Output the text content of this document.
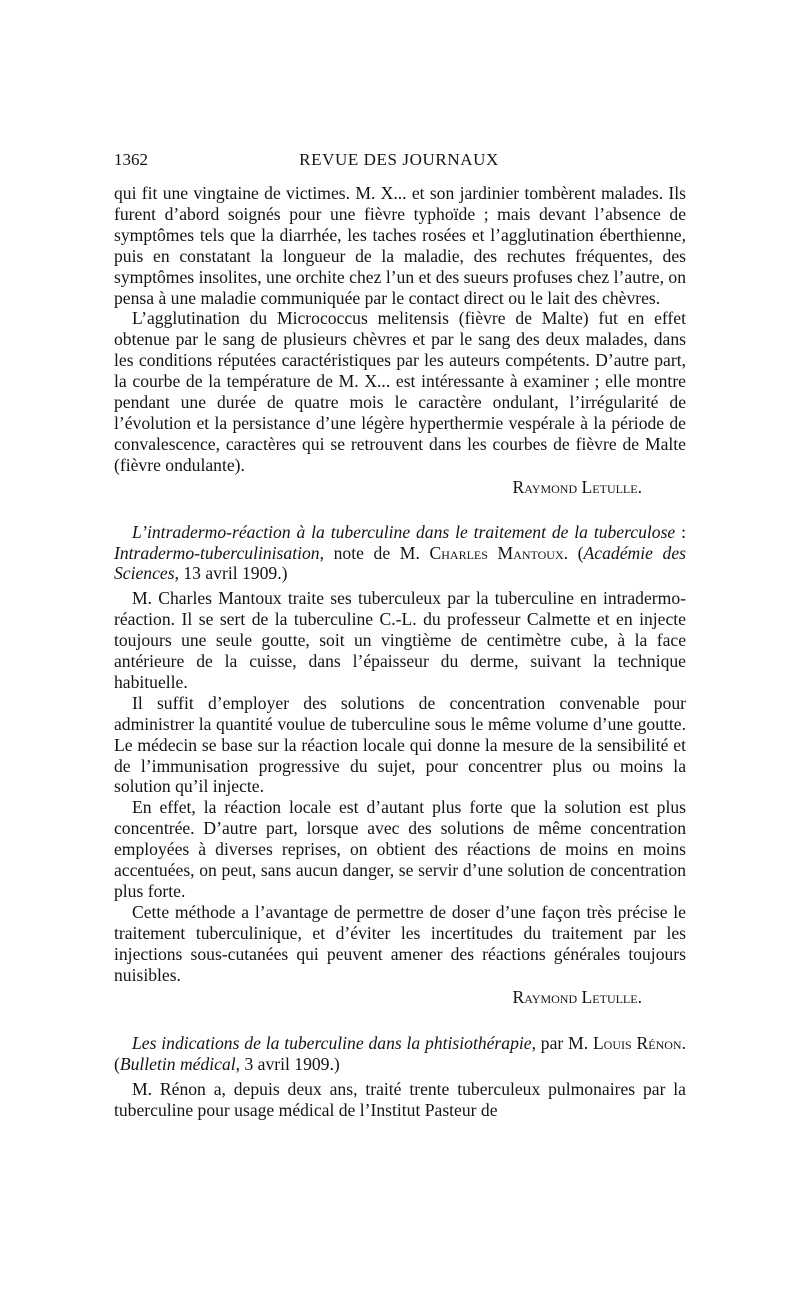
1362	REVUE DES JOURNAUX

qui fit une vingtaine de victimes. M. X... et son jardinier tombèrent malades. Ils furent d’abord soignés pour une fièvre typhoïde ; mais devant l’absence de symptômes tels que la diarrhée, les taches rosées et l’agglutination éberthienne, puis en constatant la longueur de la maladie, des rechutes fréquentes, des symptômes insolites, une orchite chez l’un et des sueurs profuses chez l’autre, on pensa à une maladie communiquée par le contact direct ou le lait des chèvres.

L’agglutination du Micrococcus melitensis (fièvre de Malte) fut en effet obtenue par le sang de plusieurs chèvres et par le sang des deux malades, dans les conditions réputées caractéristiques par les auteurs compétents. D’autre part, la courbe de la température de M. X... est intéressante à examiner ; elle montre pendant une durée de quatre mois le caractère ondulant, l’irrégularité de l’évolution et la persistance d’une légère hyperthermie vespérale à la période de convalescence, caractères qui se retrouvent dans les courbes de fièvre de Malte (fièvre ondulante).

Raymond Letulle.

L’intradermo-réaction à la tuberculine dans le traitement de la tuberculose : Intradermo-tuberculinisation, note de M. Charles Mantoux. (Académie des Sciences, 13 avril 1909.)

M. Charles Mantoux traite ses tuberculeux par la tuberculine en intradermo-réaction. Il se sert de la tuberculine C.-L. du professeur Calmette et en injecte toujours une seule goutte, soit un vingtième de centimètre cube, à la face antérieure de la cuisse, dans l’épaisseur du derme, suivant la technique habituelle.

Il suffit d’employer des solutions de concentration convenable pour administrer la quantité voulue de tuberculine sous le même volume d’une goutte. Le médecin se base sur la réaction locale qui donne la mesure de la sensibilité et de l’immunisation progressive du sujet, pour concentrer plus ou moins la solution qu’il injecte.

En effet, la réaction locale est d’autant plus forte que la solution est plus concentrée. D’autre part, lorsque avec des solutions de même concentration employées à diverses reprises, on obtient des réactions de moins en moins accentuées, on peut, sans aucun danger, se servir d’une solution de concentration plus forte.

Cette méthode a l’avantage de permettre de doser d’une façon très précise le traitement tuberculinique, et d’éviter les incertitudes du traitement par les injections sous-cutanées qui peuvent amener des réactions générales toujours nuisibles.

Raymond Letulle.

Les indications de la tuberculine dans la phtisiothérapie, par M. Louis Rénon. (Bulletin médical, 3 avril 1909.)

M. Rénon a, depuis deux ans, traité trente tuberculeux pulmonaires par la tuberculine pour usage médical de l’Institut Pasteur de
